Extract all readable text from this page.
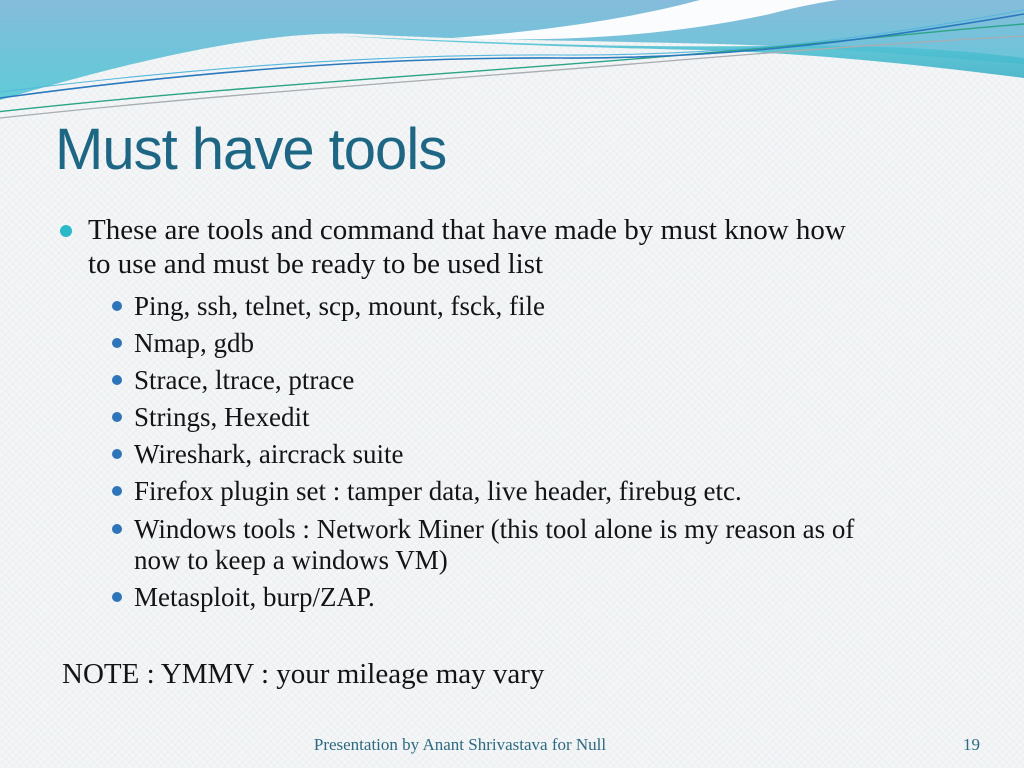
Must have tools
These are tools and command that have made by must know how to use and must be ready to be used list
Ping, ssh, telnet, scp, mount, fsck, file
Nmap, gdb
Strace, ltrace, ptrace
Strings, Hexedit
Wireshark, aircrack suite
Firefox plugin set : tamper data, live header, firebug etc.
Windows tools : Network Miner (this tool alone is my reason as of now to keep a windows VM)
Metasploit, burp/ZAP.
NOTE : YMMV : your mileage may vary
Presentation by Anant Shrivastava for Null	19
